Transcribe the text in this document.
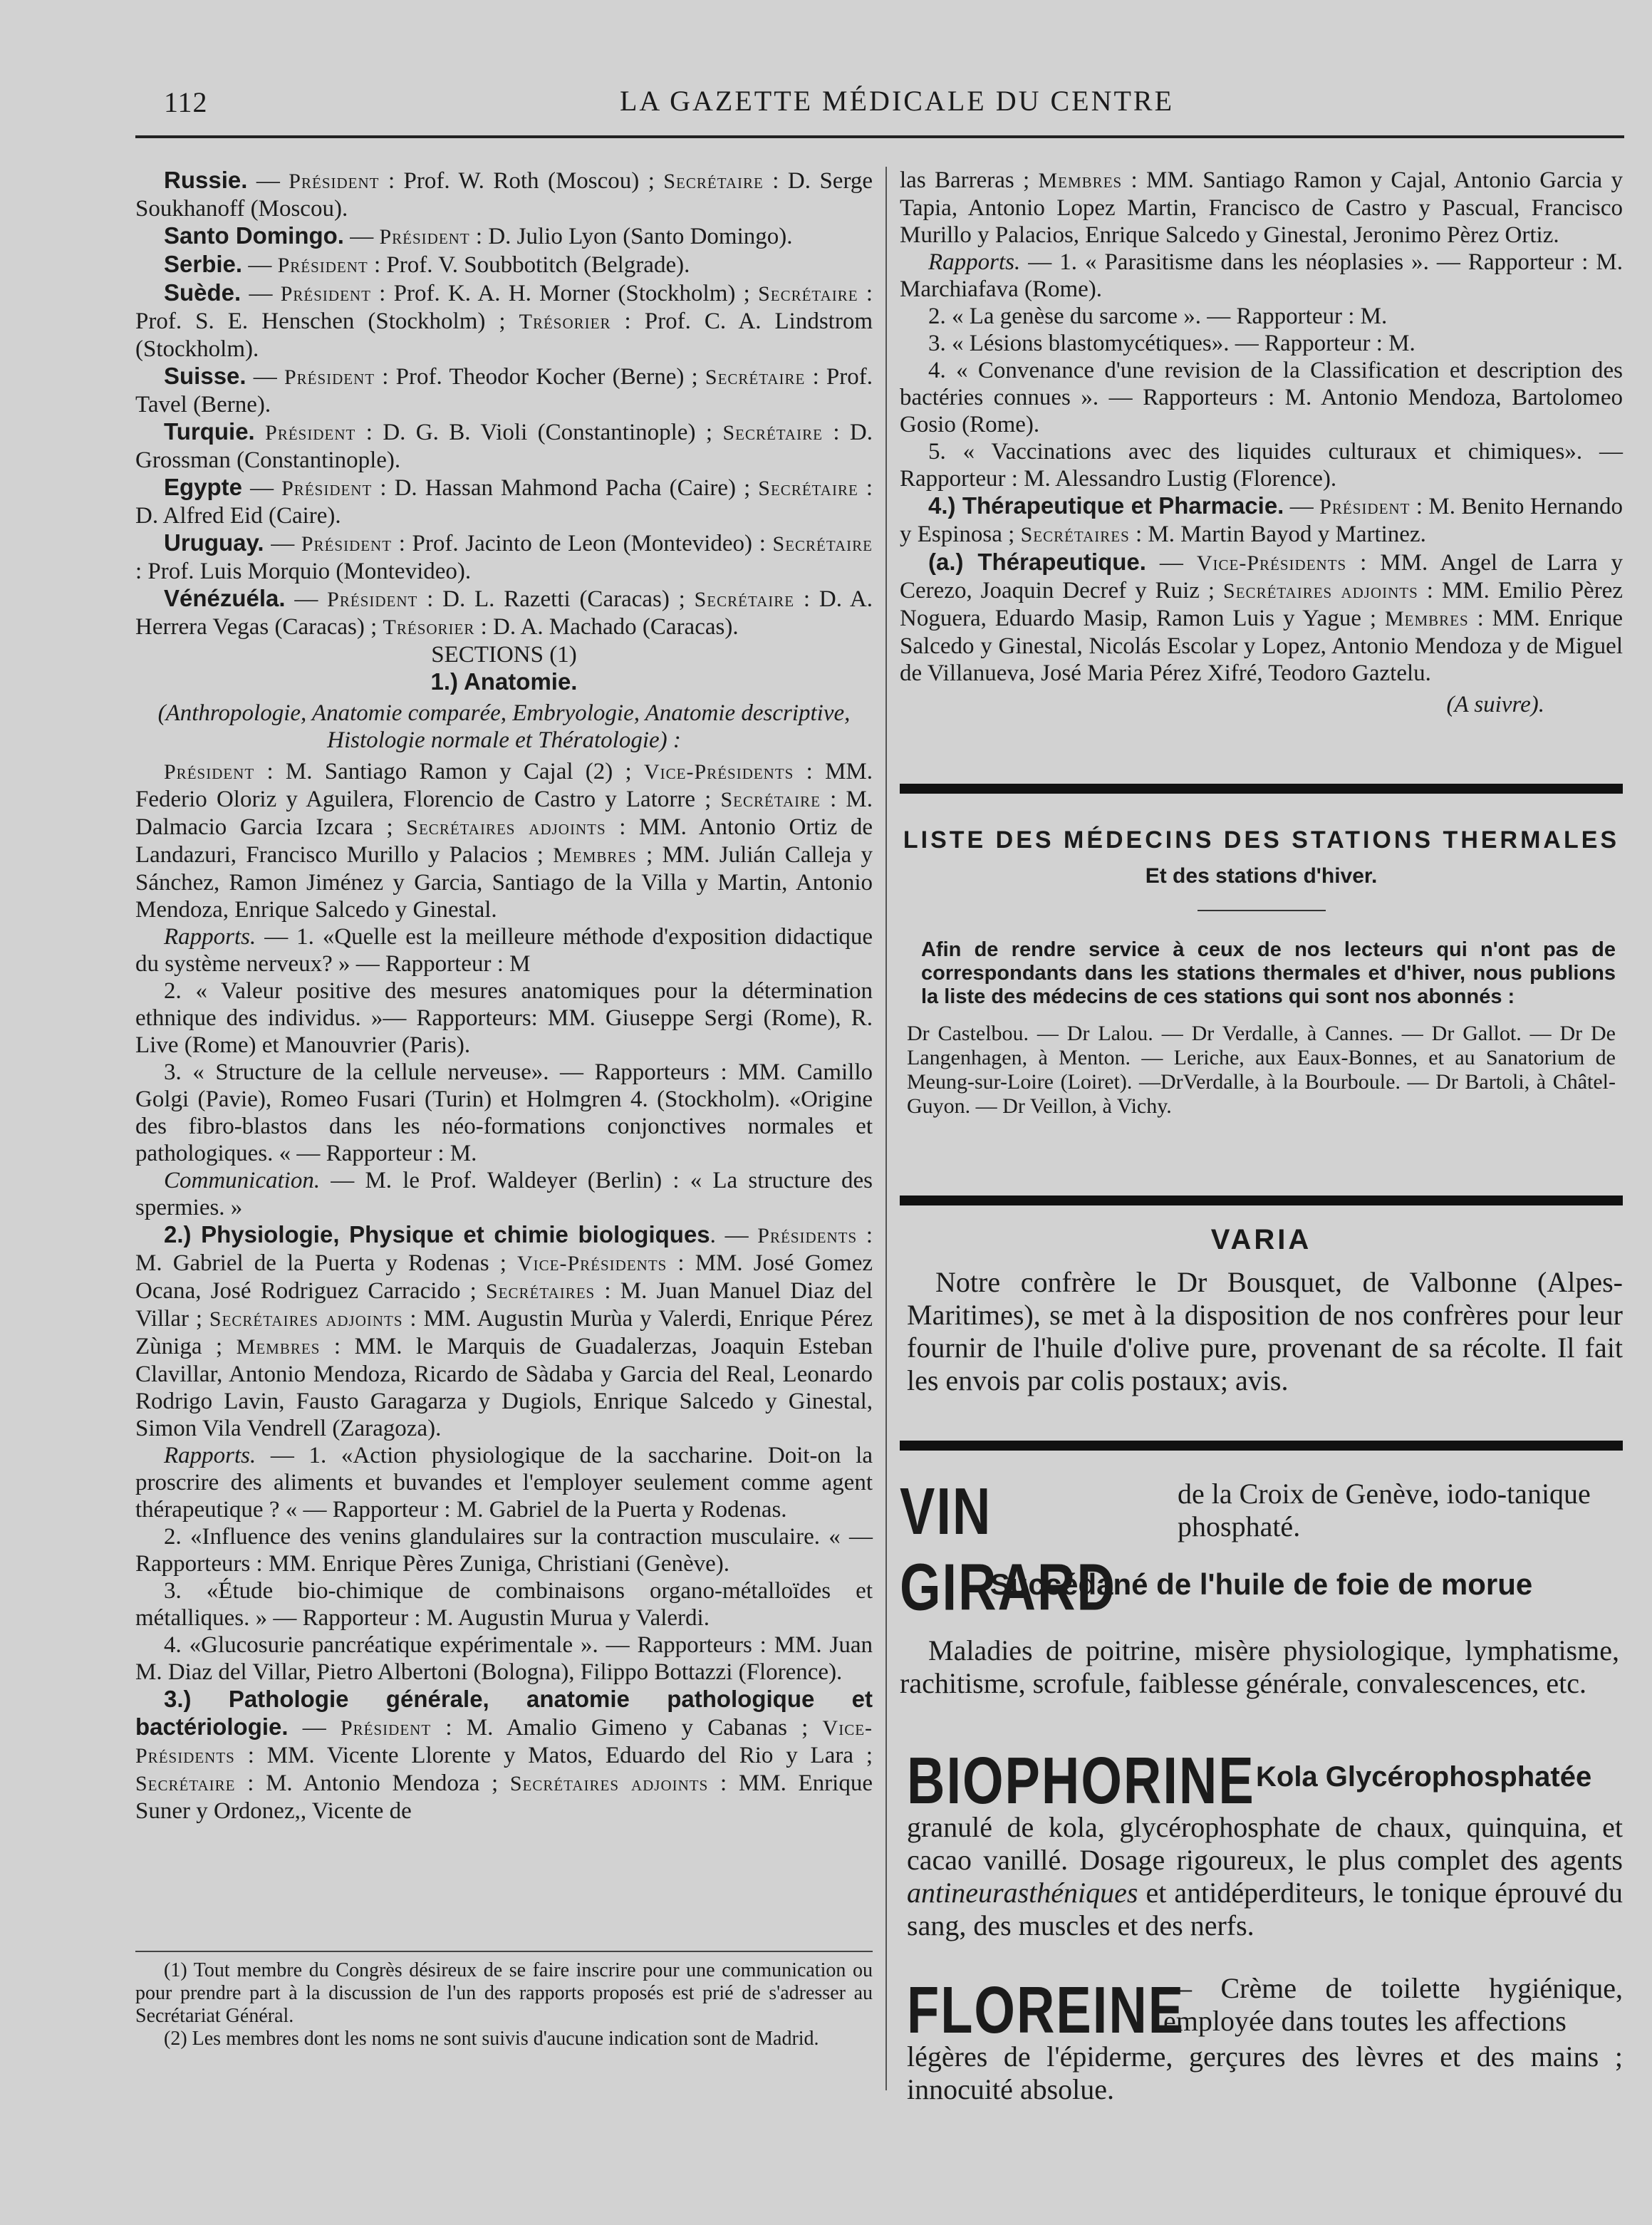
112	LA GAZETTE MÉDICALE DU CENTRE

Russie. — Président : Prof. W. Roth (Moscou) ; Secrétaire : D. Serge Soukhanoff (Moscou).

Santo Domingo. — Président : D. Julio Lyon (Santo Domingo).

Serbie. — Président : Prof. V. Soubbotitch (Belgrade).

Suède. — Président : Prof. K. A. H. Morner (Stockholm) ; Secrétaire : Prof. S. E. Henschen (Stockholm) ; Trésorier : Prof. C. A. Lindstrom (Stockholm).

Suisse. — Président : Prof. Theodor Kocher (Berne) ; Secrétaire : Prof. Tavel (Berne).

Turquie. Président : D. G. B. Violi (Constantinople) ; Secrétaire : D. Grossman (Constantinople).

Egypte — Président : D. Hassan Mahmond Pacha (Caire) ; Secrétaire : D. Alfred Eid (Caire).

Uruguay. — Président : Prof. Jacinto de Leon (Montevideo) : Secrétaire : Prof. Luis Morquio (Montevideo).

Vénézuéla. — Président : D. L. Razetti (Caracas) ; Secrétaire : D. A. Herrera Vegas (Caracas) ; Trésorier : D. A. Machado (Caracas).

SECTIONS (1)

1.) Anatomie.

(Anthropologie, Anatomie comparée, Embryologie, Anatomie descriptive, Histologie normale et Thératologie) :

Président : M. Santiago Ramon y Cajal (2) ; Vice-Présidents : MM. Federio Oloriz y Aguilera, Florencio de Castro y Latorre ; Secrétaire : M. Dalmacio Garcia Izcara ; Secrétaires adjoints : MM. Antonio Ortiz de Landazuri, Francisco Murillo y Palacios ; Membres ; MM. Julián Calleja y Sánchez, Ramon Jiménez y Garcia, Santiago de la Villa y Martin, Antonio Mendoza, Enrique Salcedo y Ginestal.

Rapports. — 1. «Quelle est la meilleure méthode d'exposition didactique du système nerveux? » — Rapporteur : M

2. « Valeur positive des mesures anatomiques pour la détermination ethnique des individus. »— Rapporteurs: MM. Giuseppe Sergi (Rome), R. Live (Rome) et Manouvrier (Paris).

3. « Structure de la cellule nerveuse». — Rapporteurs : MM. Camillo Golgi (Pavie), Romeo Fusari (Turin) et Holmgren 4. (Stockholm). «Origine des fibro-blastos dans les néo-formations conjonctives normales et pathologiques. « — Rapporteur : M.

Communication. — M. le Prof. Waldeyer (Berlin) : « La structure des spermies. »

2.) Physiologie, Physique et chimie biologiques. — Présidents : M. Gabriel de la Puerta y Rodenas ; Vice-Présidents : MM. José Gomez Ocana, José Rodriguez Carracido ; Secrétaires : M. Juan Manuel Diaz del Villar ; Secrétaires adjoints : MM. Augustin Murùa y Valerdi, Enrique Pérez Zùniga ; Membres : MM. le Marquis de Guadalerzas, Joaquin Esteban Clavillar, Antonio Mendoza, Ricardo de Sàdaba y Garcia del Real, Leonardo Rodrigo Lavin, Fausto Garagarza y Dugiols, Enrique Salcedo y Ginestal, Simon Vila Vendrell (Zaragoza).

Rapports. — 1. «Action physiologique de la saccharine. Doit-on la proscrire des aliments et buvandes et l'employer seulement comme agent thérapeutique ? « — Rapporteur : M. Gabriel de la Puerta y Rodenas.

2. «Influence des venins glandulaires sur la contraction musculaire. « — Rapporteurs : MM. Enrique Pères Zuniga, Christiani (Genève).

3. «Étude bio-chimique de combinaisons organo-métalloïdes et métalliques. » — Rapporteur : M. Augustin Murua y Valerdi.

4. «Glucosurie pancréatique expérimentale ». — Rapporteurs : MM. Juan M. Diaz del Villar, Pietro Albertoni (Bologna), Filippo Bottazzi (Florence).

3.) Pathologie générale, anatomie pathologique et bactériologie. — Président : M. Amalio Gimeno y Cabanas ; Vice-Présidents : MM. Vicente Llorente y Matos, Eduardo del Rio y Lara ; Secrétaire : M. Antonio Mendoza ; Secrétaires adjoints : MM. Enrique Suner y Ordonez,, Vicente de

(1) Tout membre du Congrès désireux de se faire inscrire pour une communication ou pour prendre part à la discussion de l'un des rapports proposés est prié de s'adresser au Secrétariat Général.

(2) Les membres dont les noms ne sont suivis d'aucune indication sont de Madrid.

las Barreras ; Membres : MM. Santiago Ramon y Cajal, Antonio Garcia y Tapia, Antonio Lopez Martin, Francisco de Castro y Pascual, Francisco Murillo y Palacios, Enrique Salcedo y Ginestal, Jeronimo Pèrez Ortiz.

Rapports. — 1. « Parasitisme dans les néoplasies ». — Rapporteur : M. Marchiafava (Rome).

2. « La genèse du sarcome ». — Rapporteur : M.

3. « Lésions blastomycétiques». — Rapporteur : M.

4. « Convenance d'une revision de la Classification et description des bactéries connues ». — Rapporteurs : M. Antonio Mendoza, Bartolomeo Gosio (Rome).

5. « Vaccinations avec des liquides culturaux et chimiques». — Rapporteur : M. Alessandro Lustig (Florence).

4.) Thérapeutique et Pharmacie. — Président : M. Benito Hernando y Espinosa ; Secrétaires : M. Martin Bayod y Martinez.

(a.) Thérapeutique. — Vice-Présidents : MM. Angel de Larra y Cerezo, Joaquin Decref y Ruiz ; Secrétaires adjoints : MM. Emilio Pèrez Noguera, Eduardo Masip, Ramon Luis y Yague ; Membres : MM. Enrique Salcedo y Ginestal, Nicolás Escolar y Lopez, Antonio Mendoza y de Miguel de Villanueva, José Maria Pérez Xifré, Teodoro Gaztelu.

(A suivre).

LISTE DES MÉDECINS DES STATIONS THERMALES
Et des stations d'hiver.
Afin de rendre service à ceux de nos lecteurs qui n'ont pas de correspondants dans les stations thermales et d'hiver, nous publions la liste des médecins de ces stations qui sont nos abonnés :
Dr Castelbou. — Dr Lalou. — Dr Verdalle, à Cannes. — Dr Gallot. — Dr De Langenhagen, à Menton. — Leriche, aux Eaux-Bonnes, et au Sanatorium de Meung-sur-Loire (Loiret). —DrVerdalle, à la Bourboule. — Dr Bartoli, à Châtel-Guyon. — Dr Veillon, à Vichy.
VARIA
Notre confrère le Dr Bousquet, de Valbonne (Alpes-Maritimes), se met à la disposition de nos confrères pour leur fournir de l'huile d'olive pure, provenant de sa récolte. Il fait les envois par colis postaux; avis.
VIN GIRARD
de la Croix de Genève, iodo-tanique phosphaté.
Succédané de l'huile de foie de morue
Maladies de poitrine, misère physiologique, lymphatisme, rachitisme, scrofule, faiblesse générale, convalescences, etc.
BIOPHORINE Kola Glycérophosphatée
granulé de kola, glycérophosphate de chaux, quinquina, et cacao vanillé. Dosage rigoureux, le plus complet des agents antineurasthéniques et antidéperditeurs, le tonique éprouvé du sang, des muscles et des nerfs.
FLOREINE
— Crème de toilette hygiénique, employée dans toutes les affections
légères de l'épiderme, gerçures des lèvres et des mains ; innocuité absolue.
